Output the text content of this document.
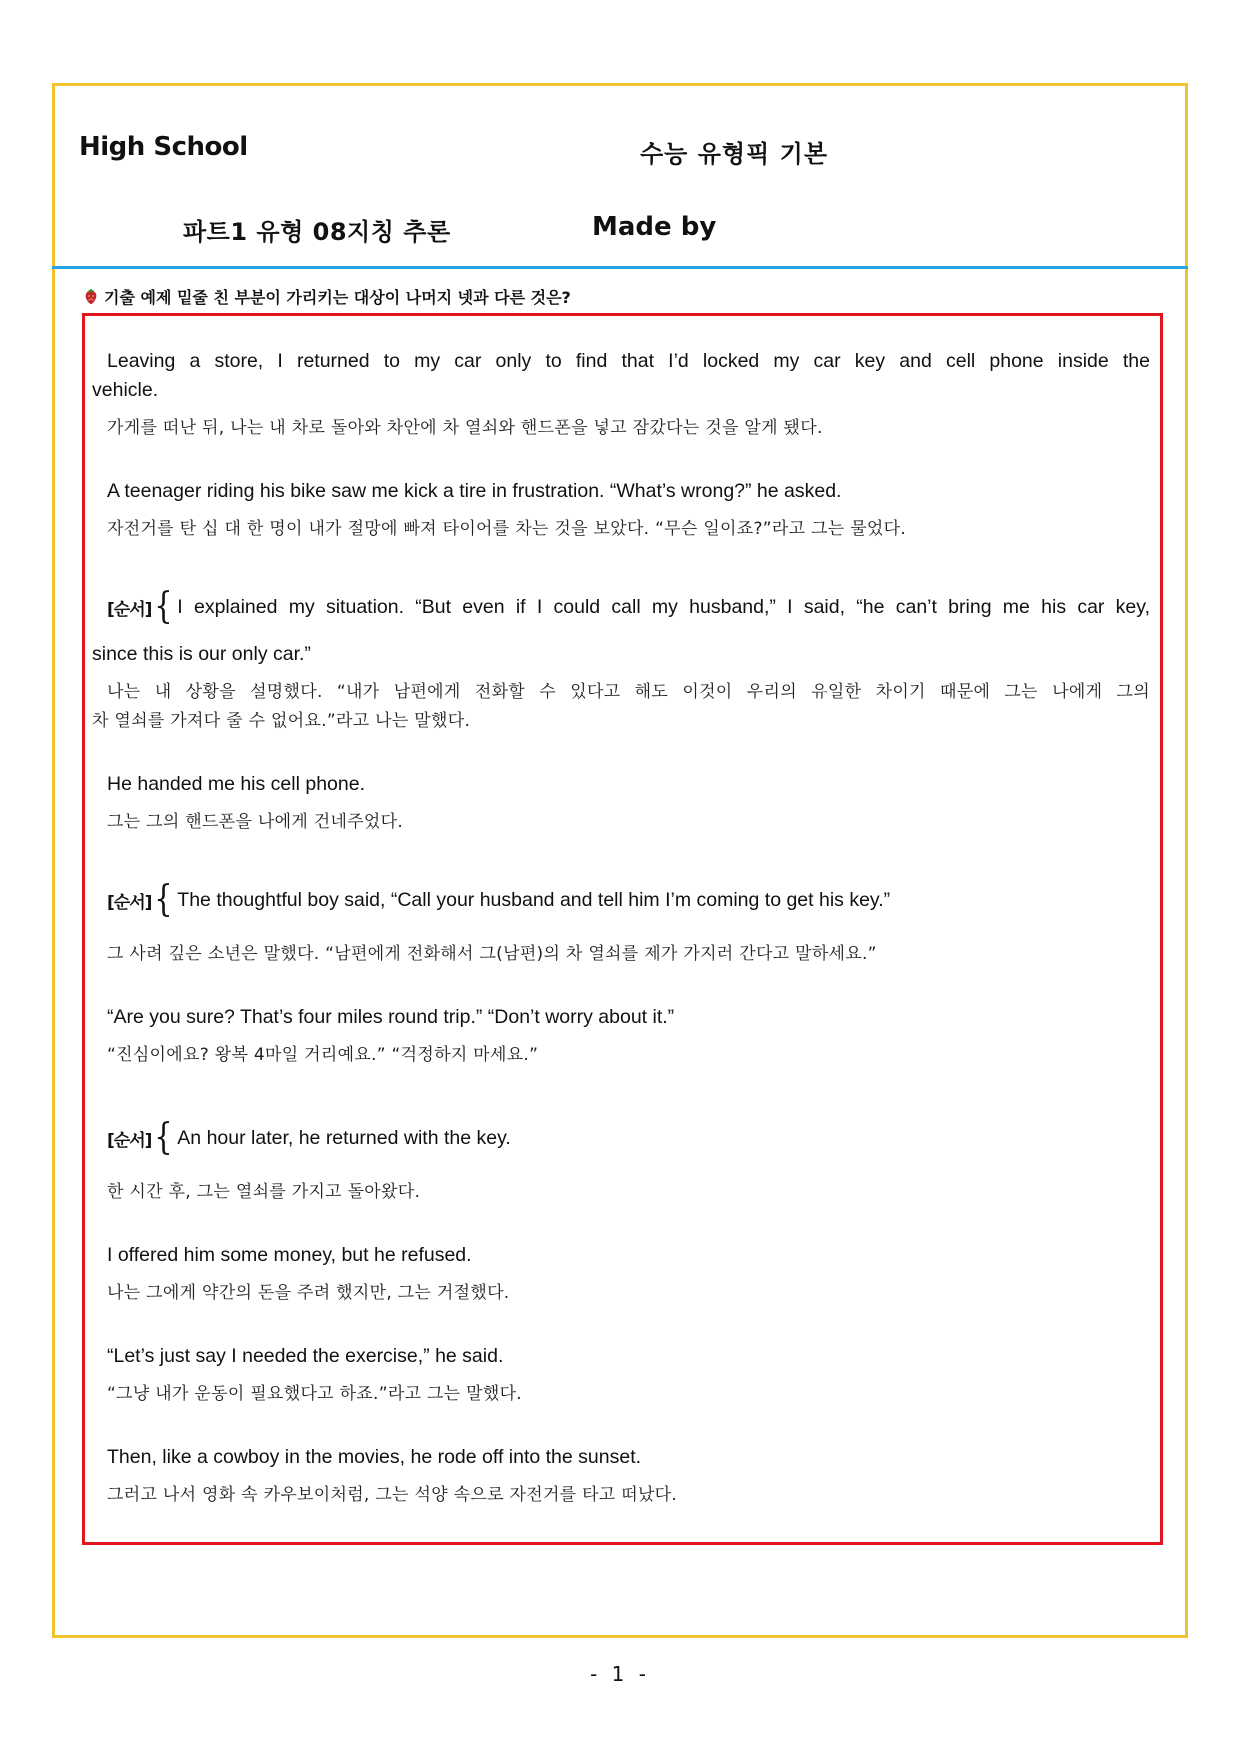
High School	수능 유형픽 기본
파트1 유형 08지칭 추론	Made by
기출 예제 밑줄 친 부분이 가리키는 대상이 나머지 넷과 다른 것은?
Leaving a store, I returned to my car only to find that I’d locked my car key and cell phone inside the
vehicle.
가게를 떠난 뒤, 나는 내 차로 돌아와 차안에 차 열쇠와 핸드폰을 넣고 잠갔다는 것을 알게 됐다.
A teenager riding his bike saw me kick a tire in frustration. “What’s wrong?” he asked.
자전거를 탄 십 대 한 명이 내가 절망에 빠져 타이어를 차는 것을 보았다. “무슨 일이죠?”라고 그는 물었다.
[순서] { I explained my situation. “But even if I could call my husband,” I said, “he can’t bring me his car key,
since this is our only car.”
나는 내 상황을 설명했다. “내가 남편에게 전화할 수 있다고 해도 이것이 우리의 유일한 차이기 때문에 그는 나에게 그의
차 열쇠를 가져다 줄 수 없어요.”라고 나는 말했다.
He handed me his cell phone.
그는 그의 핸드폰을 나에게 건네주었다.
[순서] { The thoughtful boy said, “Call your husband and tell him I’m coming to get his key.”
그 사려 깊은 소년은 말했다. “남편에게 전화해서 그(남편)의 차 열쇠를 제가 가지러 간다고 말하세요.”
“Are you sure? That’s four miles round trip.” “Don’t worry about it.”
“진심이에요? 왕복 4마일 거리예요.” “걱정하지 마세요.”
[순서] { An hour later, he returned with the key.
한 시간 후, 그는 열쇠를 가지고 돌아왔다.
I offered him some money, but he refused.
나는 그에게 약간의 돈을 주려 했지만, 그는 거절했다.
“Let’s just say I needed the exercise,” he said.
“그냥 내가 운동이 필요했다고 하죠.”라고 그는 말했다.
Then, like a cowboy in the movies, he rode off into the sunset.
그러고 나서 영화 속 카우보이처럼, 그는 석양 속으로 자전거를 타고 떠났다.
- 1 -
